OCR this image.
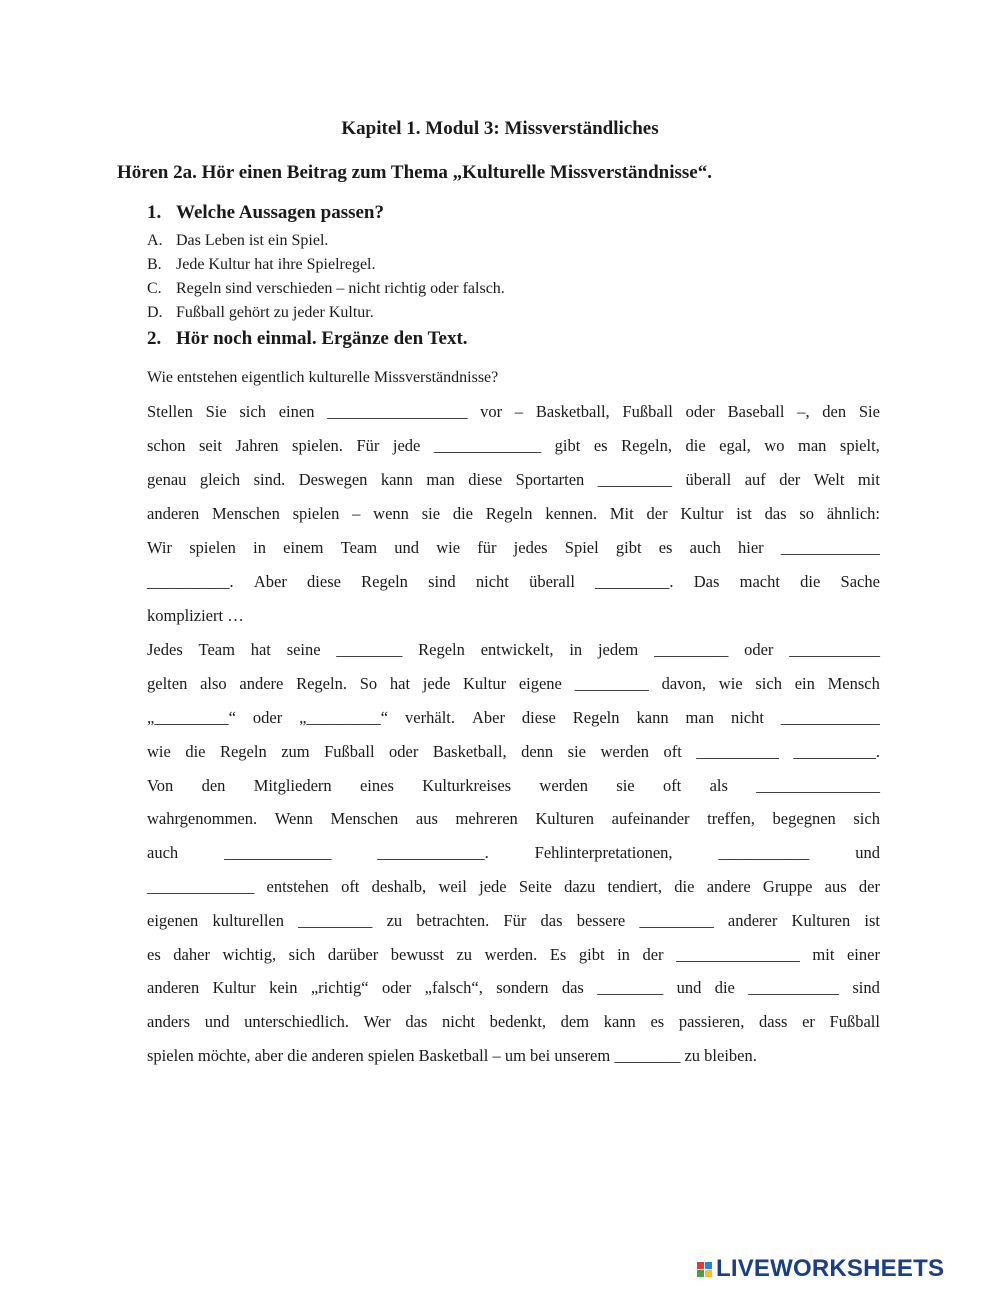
Kapitel 1. Modul 3: Missverständliches
Hören 2a. Hör einen Beitrag zum Thema „Kulturelle Missverständnisse“.
1. Welche Aussagen passen?
A. Das Leben ist ein Spiel.
B. Jede Kultur hat ihre Spielregel.
C. Regeln sind verschieden – nicht richtig oder falsch.
D. Fußball gehört zu jeder Kultur.
2. Hör noch einmal. Ergänze den Text.
Wie entstehen eigentlich kulturelle Missverständnisse?
Stellen Sie sich einen _________________ vor – Basketball, Fußball oder Baseball –, den Sie
schon seit Jahren spielen. Für jede _____________ gibt es Regeln, die egal, wo man spielt,
genau gleich sind. Deswegen kann man diese Sportarten _________ überall auf der Welt mit
anderen Menschen spielen – wenn sie die Regeln kennen. Mit der Kultur ist das so ähnlich:
Wir spielen in einem Team und wie für jedes Spiel gibt es auch hier ____________
__________. Aber diese Regeln sind nicht überall _________. Das macht die Sache
kompliziert …
Jedes Team hat seine ________ Regeln entwickelt, in jedem _________ oder ___________
gelten also andere Regeln. So hat jede Kultur eigene _________ davon, wie sich ein Mensch
„_________“ oder „_________“ verhält. Aber diese Regeln kann man nicht ____________
wie die Regeln zum Fußball oder Basketball, denn sie werden oft __________ __________.
Von den Mitgliedern eines Kulturkreises werden sie oft als _______________
wahrgenommen. Wenn Menschen aus mehreren Kulturen aufeinander treffen, begegnen sich
auch	_____________	_____________.	Fehlinterpretationen,	___________	und
_____________ entstehen oft deshalb, weil jede Seite dazu tendiert, die andere Gruppe aus der
eigenen kulturellen _________ zu betrachten. Für das bessere _________ anderer Kulturen ist
es daher wichtig, sich darüber bewusst zu werden. Es gibt in der _______________ mit einer
anderen Kultur kein „richtig“ oder „falsch“, sondern das ________ und die ___________ sind
anders und unterschiedlich. Wer das nicht bedenkt, dem kann es passieren, dass er Fußball
spielen möchte, aber die anderen spielen Basketball – um bei unserem ________ zu bleiben.
LIVEWORKSHEETS
